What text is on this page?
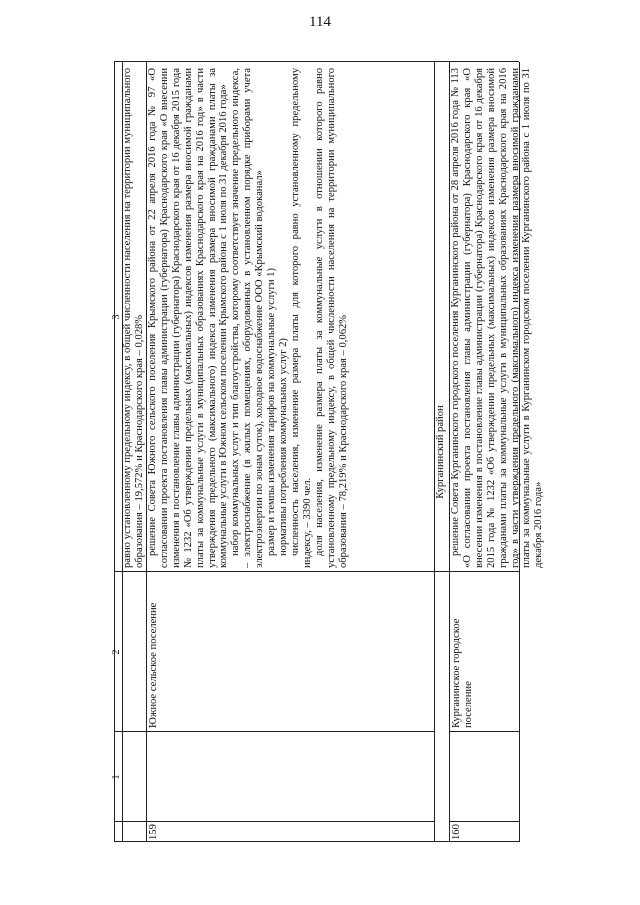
114
1
2
3 равно установленному предельному индексу, в общей численности населения на территории муниципального образования – 19,572% и Краснодарского края – 0,028%

159
Южное сельское поселение

решение Совета Южного сельского поселения Крымского района от 22 апреля 2016 года № 97 «О согласовании проекта постановления главы администрации (губернатора) Краснодарского края «О внесении изменения в постановление главы администрации (губернатора) Краснодарского края от 16 декабря 2015 года № 1232 «Об утверждении предельных (максимальных) индексов изменения размера вносимой гражданами платы за коммунальные услуги в муниципальных образованиях Краснодарского края на 2016 год» в части утверждения предельного (максимального) индекса изменения размера вносимой гражданами платы за коммунальные услуги в Южном сельском поселении Крымского района с 1 июля по 31 декабря 2016 года» набор коммунальных услуг и тип благоустройства, которому соответствует значение предельного индекса, – электроснабжение (в жилых помещениях, оборудованных в установленном порядке приборами учета электроэнергии по зонам суток), холодное водоснабжение ООО «Крымский водоканал» размер и темпы изменения тарифов на коммунальные услуги 1) нормативы потребления коммунальных услуг 2) численность населения, изменение размера платы для которого равно установленному предельному индексу, – 3390 чел. доля населения, изменение размера платы за коммунальные услуги в отношении которого равно установленному предельному индексу, в общей численности населения на территории муниципального образования – 78,219% и Краснодарского края – 0,062%	Курганинский район
160
Курганинское городское поселение

решение Совета Курганинского городского поселения Курганинского района от 28 апреля 2016 года № 113 «О согласовании проекта постановления главы администрации (губернатора) Краснодарского края «О внесении изменения в постановление главы администрации (губернатора) Краснодарского края от 16 декабря 2015 года № 1232 «Об утверждении предельных (максимальных) индексов изменения размера вносимой гражданами платы за коммунальные услуги в муниципальных образованиях Краснодарского края на 2016 год» в части утверждения предельного (максимального) индекса изменения размера вносимой гражданами платы за коммунальные услуги в Курганинском городском поселении Курганинского района с 1 июля по 31 декабря 2016 года»
